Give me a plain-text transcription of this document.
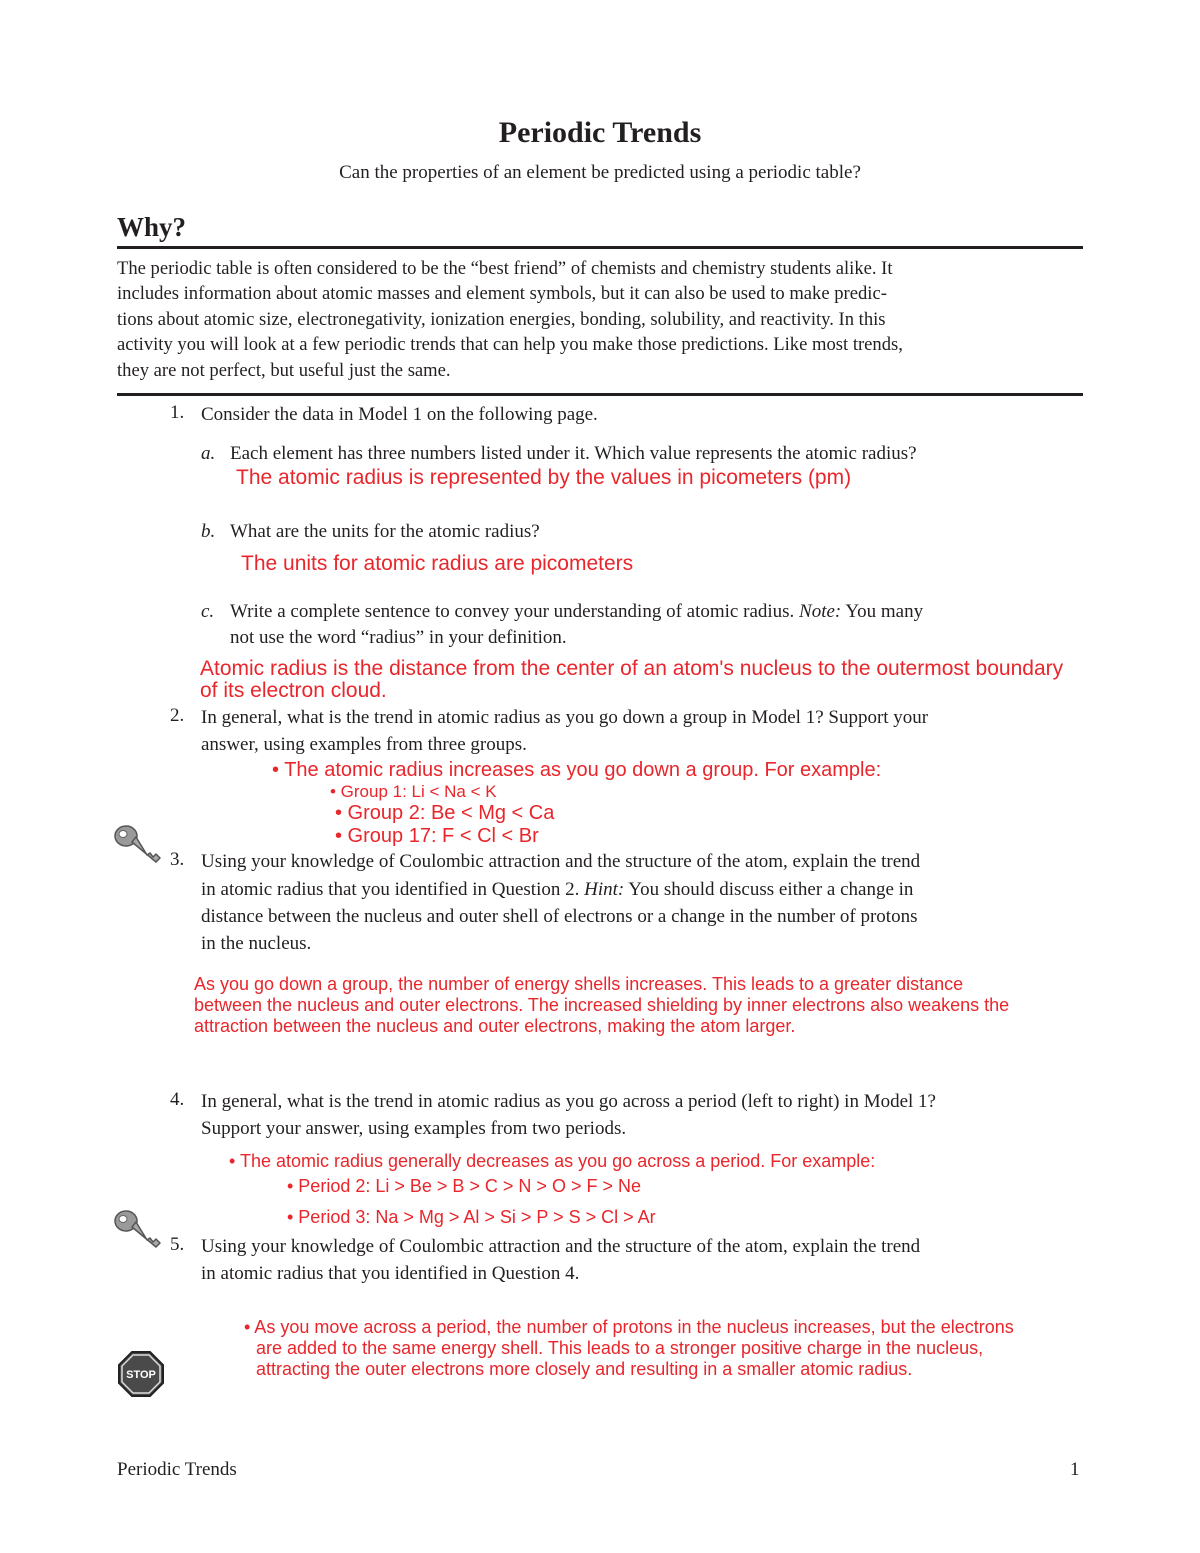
Periodic Trends
Can the properties of an element be predicted using a periodic table?
Why?
The periodic table is often considered to be the “best friend” of chemists and chemistry students alike. It
includes information about atomic masses and element symbols, but it can also be used to make predic-
tions about atomic size, electronegativity, ionization energies, bonding, solubility, and reactivity. In this
activity you will look at a few periodic trends that can help you make those predictions. Like most trends,
they are not perfect, but useful just the same.
1. Consider the data in Model 1 on the following page.
a. Each element has three numbers listed under it. Which value represents the atomic radius?
The atomic radius is represented by the values in picometers (pm)
b. What are the units for the atomic radius?
The units for atomic radius are picometers
c. Write a complete sentence to convey your understanding of atomic radius. Note: You many
not use the word “radius” in your definition.
Atomic radius is the distance from the center of an atom's nucleus to the outermost boundary
of its electron cloud.
2. In general, what is the trend in atomic radius as you go down a group in Model 1? Support your
answer, using examples from three groups.
• The atomic radius increases as you go down a group. For example:
• Group 1: Li < Na < K
• Group 2: Be < Mg < Ca
• Group 17: F < Cl < Br
3. Using your knowledge of Coulombic attraction and the structure of the atom, explain the trend
in atomic radius that you identified in Question 2. Hint: You should discuss either a change in
distance between the nucleus and outer shell of electrons or a change in the number of protons
in the nucleus.
As you go down a group, the number of energy shells increases. This leads to a greater distance
between the nucleus and outer electrons. The increased shielding by inner electrons also weakens the
attraction between the nucleus and outer electrons, making the atom larger.
4. In general, what is the trend in atomic radius as you go across a period (left to right) in Model 1?
Support your answer, using examples from two periods.
• The atomic radius generally decreases as you go across a period. For example:
• Period 2: Li > Be > B > C > N > O > F > Ne
• Period 3: Na > Mg > Al > Si > P > S > Cl > Ar
5. Using your knowledge of Coulombic attraction and the structure of the atom, explain the trend
in atomic radius that you identified in Question 4.
• As you move across a period, the number of protons in the nucleus increases, but the electrons
are added to the same energy shell. This leads to a stronger positive charge in the nucleus,
attracting the outer electrons more closely and resulting in a smaller atomic radius.
STOP
Periodic Trends	1
